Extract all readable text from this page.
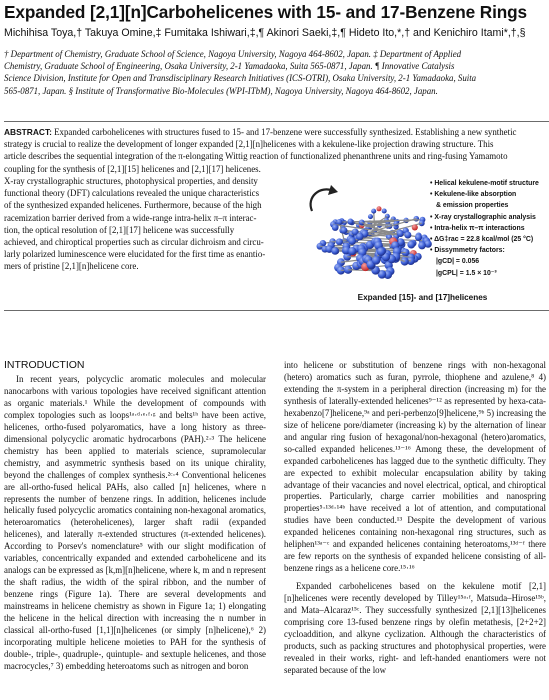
Expanded [2,1][n]Carbohelicenes with 15- and 17-Benzene Rings
Michihisa Toya,† Takuya Omine,‡ Fumitaka Ishiwari,‡,¶ Akinori Saeki,‡,¶ Hideto Ito,*,† and Kenichiro Itami*,†,§
† Department of Chemistry, Graduate School of Science, Nagoya University, Nagoya 464-8602, Japan. ‡ Department of Applied
Chemistry, Graduate School of Engineering, Osaka University, 2-1 Yamadaoka, Suita 565-0871, Japan. ¶ Innovative Catalysis
Science Division, Institute for Open and Transdisciplinary Research Initiatives (ICS-OTRI), Osaka University, 2-1 Yamadaoka, Suita
565-0871, Japan. § Institute of Transformative Bio-Molecules (WPI-ITbM), Nagoya University, Nagoya 464-8602, Japan.
ABSTRACT: Expanded carbohelicenes with structures fused to 15- and 17-benzene were successfully synthesized. Establishing a new synthetic
strategy is crucial to realize the development of longer expanded [2,1][n]helicenes with a kekulene-like projection drawing structure. This
article describes the sequential integration of the π-elongating Wittig reaction of functionalized phenanthrene units and ring-fusing Yamamoto
coupling for the synthesis of [2,1][15] helicenes and [2,1][17] helicenes.
X-ray crystallographic structures, photophysical properties, and density
functional theory (DFT) calculations revealed the unique characteristics
of the synthesized expanded helicenes. Furthermore, because of the high
racemization barrier derived from a wide-range intra-helix π–π interac-
tion, the optical resolution of [2,1][17] helicene was successfully
achieved, and chiroptical properties such as circular dichroism and circu-
larly polarized luminescence were elucidated for the first time as enantio-
mers of pristine [2,1][n]helicene core.
• Helical kekulene-motif structure
• Kekulene-like absorption
& emission properties
• X-ray crystallographic analysis
• Intra-helix π–π interactions
• ΔG‡rac = 22.8 kcal/mol (25 °C)
• Dissymmetry factors:
|gCD| = 0.056
|gCPL| = 1.5 × 10⁻³
Expanded [15]- and [17]helicenes
INTRODUCTION

In recent years, polycyclic aromatic molecules and molecular nanocarbons with various topologies have received significant attention as organic materials.¹ While the development of compounds with complex topologies such as loops¹ᵃ·ᵈ·ᵉ·ᶠ·ᵍ and belts¹ʰ have been active, helicenes, ortho-fused polyaromatics, have a long history as three-dimensional polycyclic aromatic hydrocarbons (PAH).²·³ The helicene chemistry has been applied to materials science, supramolecular chemistry, and asymmetric synthesis based on its unique chirality, beyond the challenges of complex synthesis.²ᶜ·⁴ Conventional helicenes are all-ortho-fused helical PAHs, also called [n] helicenes, where n represents the number of benzene rings. In addition, helicenes include helically fused polycyclic aromatics containing non-hexagonal aromatics, heteroaromatics (heterohelicenes), larger shaft radii (expanded helicenes), and laterally π-extended structures (π-extended helicenes). According to Porsev's nomenclature⁵ with our slight modification of variables, concentrically expanded and extended carbohelicene and its analogs can be expressed as [k,m][n]helicene, where k, m and n represent the shaft radius, the width of the spiral ribbon, and the number of benzene rings (Figure 1a). There are several developments and mainstreams in helicene chemistry as shown in Figure 1a; 1) elongating the helicene in the helical direction with increasing the n number in classical all-ortho-fused [1,1][n]helicenes (or simply [n]helicene),⁶ 2) incorporating multiple helicene moieties to PAH for the synthesis of double-, triple-, quadruple-, quintuple- and sextuple helicenes, and those macrocycles,⁷ 3) embedding heteroatoms such as nitrogen and boron

into helicene or substitution of benzene rings with non-hexagonal (hetero) aromatics such as furan, pyrrole, thiophene and azulene,⁸ 4) extending the π-system in a peripheral direction (increasing m) for the synthesis of laterally-extended helicenes⁹⁻¹² as represented by hexa-cata-hexabenzo[7]helicene,⁹ᵃ and peri-perbenzo[9]helicene,⁹ᵇ 5) increasing the size of helicene pore/diameter (increasing k) by the alternation of linear and angular ring fusion of hexagonal/non-hexagonal (hetero)aromatics, so-called expanded helicenes.¹³⁻¹⁶ Among these, the development of expanded carbohelicenes has lagged due to the synthetic difficulty. They are expected to exhibit molecular encapsulation ability by taking advantage of their vacancies and novel electrical, optical, and chiroptical properties. Particularly, charge carrier mobilities and nanospring properties⁵·¹³ᵈ·¹⁴ᵇ have received a lot of attention, and computational studies have been conducted.¹³ Despite the development of various expanded helicenes containing non-hexagonal ring structures, such as heliphen¹³ᵃ⁻ᶜ and expanded helicenes containing heteroatoms,¹³ᵈ⁻ᶠ there are few reports on the synthesis of expanded helicene consisting of all-benzene rings as a helicene core.¹⁵·¹⁶

Expanded carbohelicenes based on the kekulene motif [2,1][n]helicenes were recently developed by Tilley¹⁵ᵃ·ᶠ, Matsuda–Hirose¹⁵ᵇ, and Mata–Alcaraz¹⁵ᶜ. They successfully synthesized [2,1][13]helicenes comprising core 13-fused benzene rings by olefin metathesis, [2+2+2] cycloaddition, and alkyne cyclization. Although the characteristics of products, such as packing structures and photophysical properties, were revealed in their works, right- and left-handed enantiomers were not separated because of the low
